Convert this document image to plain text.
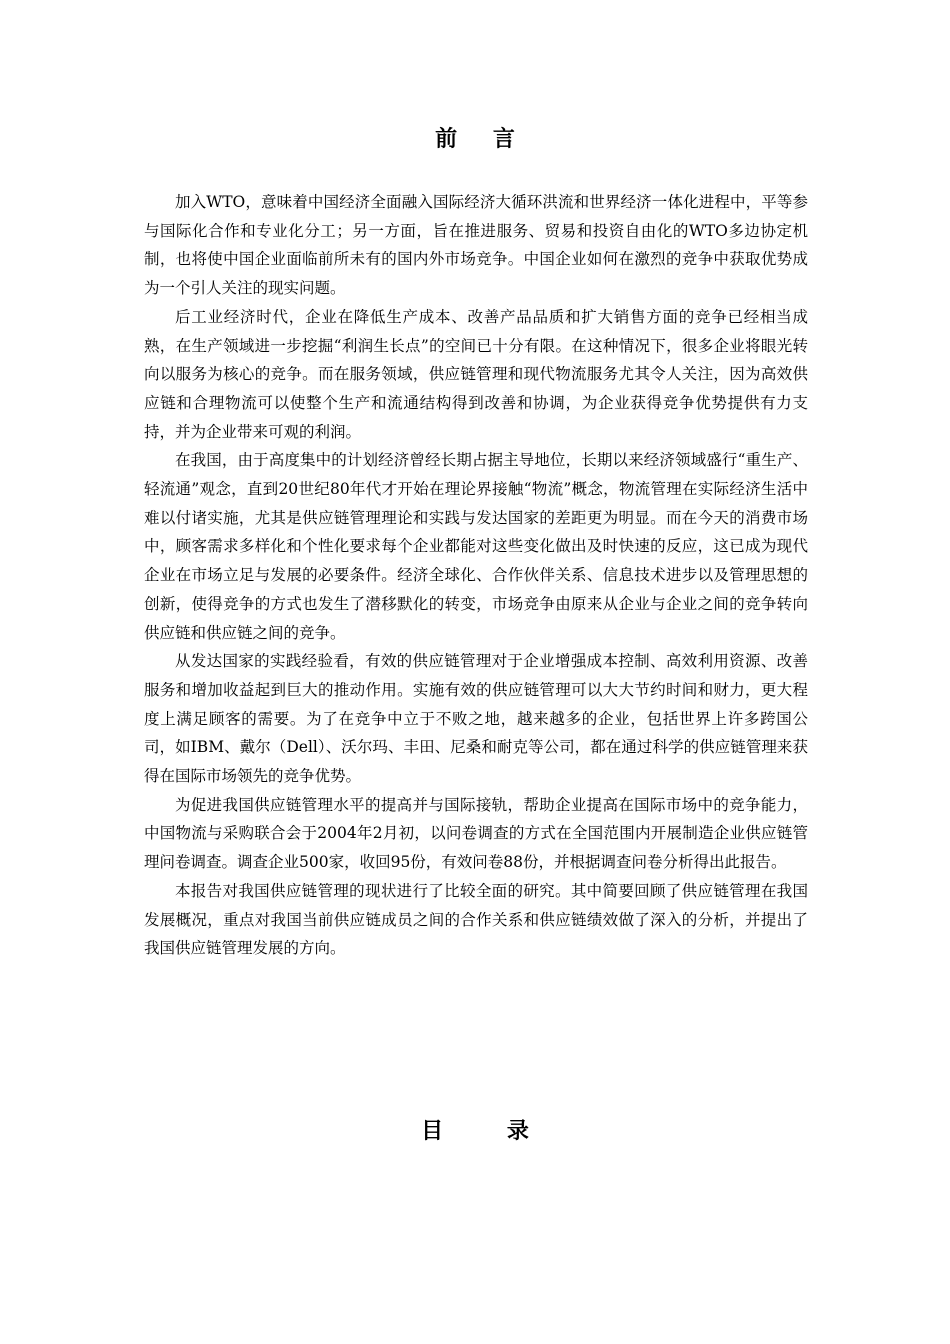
前 言

加入WTO，意味着中国经济全面融入国际经济大循环洪流和世界经济一体化进程中，平等参与国际化合作和专业化分工；另一方面，旨在推进服务、贸易和投资自由化的WTO多边协定机制，也将使中国企业面临前所未有的国内外市场竞争。中国企业如何在激烈的竞争中获取优势成为一个引人关注的现实问题。

后工业经济时代，企业在降低生产成本、改善产品品质和扩大销售方面的竞争已经相当成熟，在生产领域进一步挖掘“利润生长点”的空间已十分有限。在这种情况下，很多企业将眼光转向以服务为核心的竞争。而在服务领域，供应链管理和现代物流服务尤其令人关注，因为高效供应链和合理物流可以使整个生产和流通结构得到改善和协调，为企业获得竞争优势提供有力支持，并为企业带来可观的利润。

在我国，由于高度集中的计划经济曾经长期占据主导地位，长期以来经济领域盛行“重生产、轻流通”观念，直到20世纪80年代才开始在理论界接触“物流”概念，物流管理在实际经济生活中难以付诸实施，尤其是供应链管理理论和实践与发达国家的差距更为明显。而在今天的消费市场中，顾客需求多样化和个性化要求每个企业都能对这些变化做出及时快速的反应，这已成为现代企业在市场立足与发展的必要条件。经济全球化、合作伙伴关系、信息技术进步以及管理思想的创新，使得竞争的方式也发生了潜移默化的转变，市场竞争由原来从企业与企业之间的竞争转向供应链和供应链之间的竞争。

从发达国家的实践经验看，有效的供应链管理对于企业增强成本控制、高效利用资源、改善服务和增加收益起到巨大的推动作用。实施有效的供应链管理可以大大节约时间和财力，更大程度上满足顾客的需要。为了在竞争中立于不败之地，越来越多的企业，包括世界上许多跨国公司，如IBM、戴尔（Dell）、沃尔玛、丰田、尼桑和耐克等公司，都在通过科学的供应链管理来获得在国际市场领先的竞争优势。

为促进我国供应链管理水平的提高并与国际接轨，帮助企业提高在国际市场中的竞争能力，中国物流与采购联合会于2004年2月初，以问卷调查的方式在全国范围内开展制造企业供应链管理问卷调查。调查企业500家，收回95份，有效问卷88份，并根据调查问卷分析得出此报告。

本报告对我国供应链管理的现状进行了比较全面的研究。其中简要回顾了供应链管理在我国发展概况，重点对我国当前供应链成员之间的合作关系和供应链绩效做了深入的分析，并提出了我国供应链管理发展的方向。

目 录
